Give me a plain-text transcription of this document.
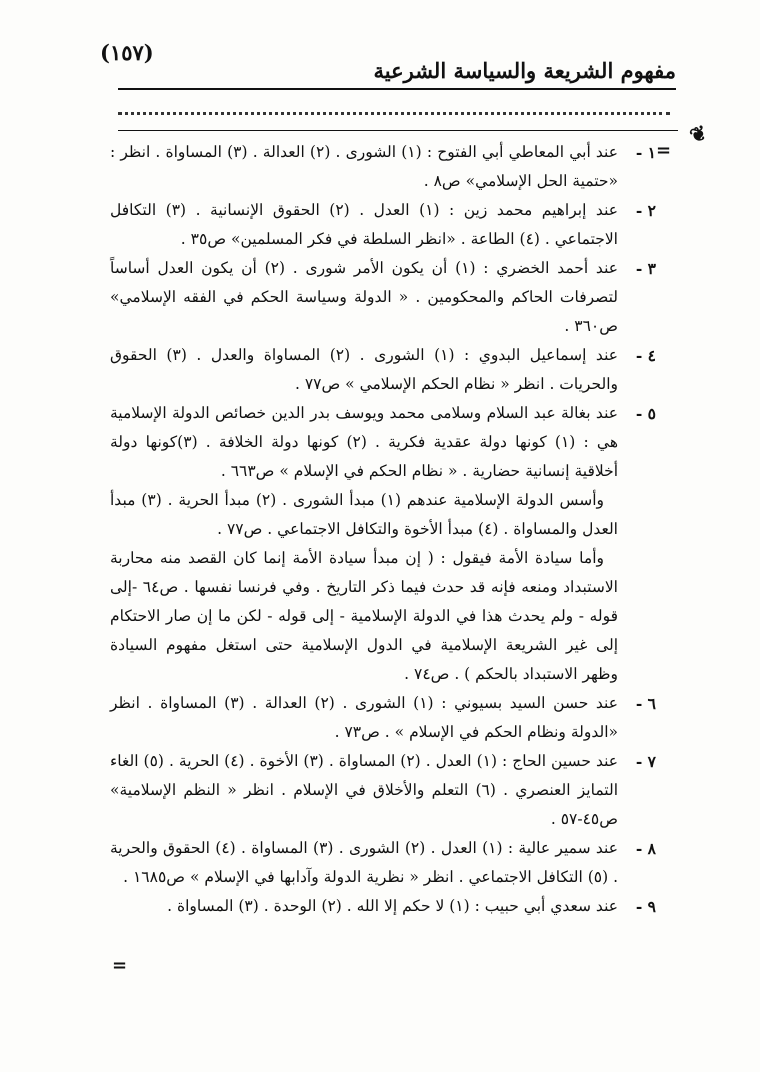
(١٥٧)
مفهوم الشريعة والسياسة الشرعية
❦
=
=
١ -
عند أبي المعاطي أبي الفتوح : (١) الشورى . (٢) العدالة . (٣) المساواة . انظر : «حتمية الحل الإسلامي» ص٨ .
٢ -
عند إبراهيم محمد زين : (١) العدل . (٢) الحقوق الإنسانية . (٣) التكافل الاجتماعي . (٤) الطاعة . «انظر السلطة في فكر المسلمين» ص٣٥ .
٣ -
عند أحمد الخضري : (١) أن يكون الأمر شورى . (٢) أن يكون العدل أساساً لتصرفات الحاكم والمحكومين . « الدولة وسياسة الحكم في الفقه الإسلامي» ص٣٦٠ .
٤ -
عند إسماعيل البدوي : (١) الشورى . (٢) المساواة والعدل . (٣) الحقوق والحريات . انظر « نظام الحكم الإسلامي » ص٧٧ .
٥ -
عند بغالة عبد السلام وسلامى محمد ويوسف بدر الدين خصائص الدولة الإسلامية هي : (١) كونها دولة عقدية فكرية . (٢) كونها دولة الخلافة . (٣)كونها دولة أخلاقية إنسانية حضارية . « نظام الحكم في الإسلام » ص٦٦٣ .
وأسس الدولة الإسلامية عندهم (١) مبدأ الشورى . (٢) مبدأ الحرية . (٣) مبدأ العدل والمساواة . (٤) مبدأ الأخوة والتكافل الاجتماعي . ص٧٧ .
وأما سيادة الأمة فيقول : ( إن مبدأ سيادة الأمة إنما كان القصد منه محاربة الاستبداد ومنعه فإنه قد حدث فيما ذكر التاريخ . وفي فرنسا نفسها . ص٦٤ -إلى قوله - ولم يحدث هذا في الدولة الإسلامية - إلى قوله - لكن ما إن صار الاحتكام إلى غير الشريعة الإسلامية في الدول الإسلامية حتى استغل مفهوم السيادة وظهر الاستبداد بالحكم ) . ص٧٤ .
٦ -
عند حسن السيد بسيوني : (١) الشورى . (٢) العدالة . (٣) المساواة . انظر «الدولة ونظام الحكم في الإسلام » . ص٧٣ .
٧ -
عند حسين الحاج : (١) العدل . (٢) المساواة . (٣) الأخوة . (٤) الحرية . (٥) الغاء التمايز العنصري . (٦) التعلم والأخلاق في الإسلام . انظر « النظم الإسلامية» ص٤٥-٥٧ .
٨ -
عند سمير عالية : (١) العدل . (٢) الشورى . (٣) المساواة . (٤) الحقوق والحرية . (٥) التكافل الاجتماعي . انظر « نظرية الدولة وآدابها في الإسلام » ص١٦٨٥ .
٩ -
عند سعدي أبي حبيب : (١) لا حكم إلا الله . (٢) الوحدة . (٣) المساواة .
